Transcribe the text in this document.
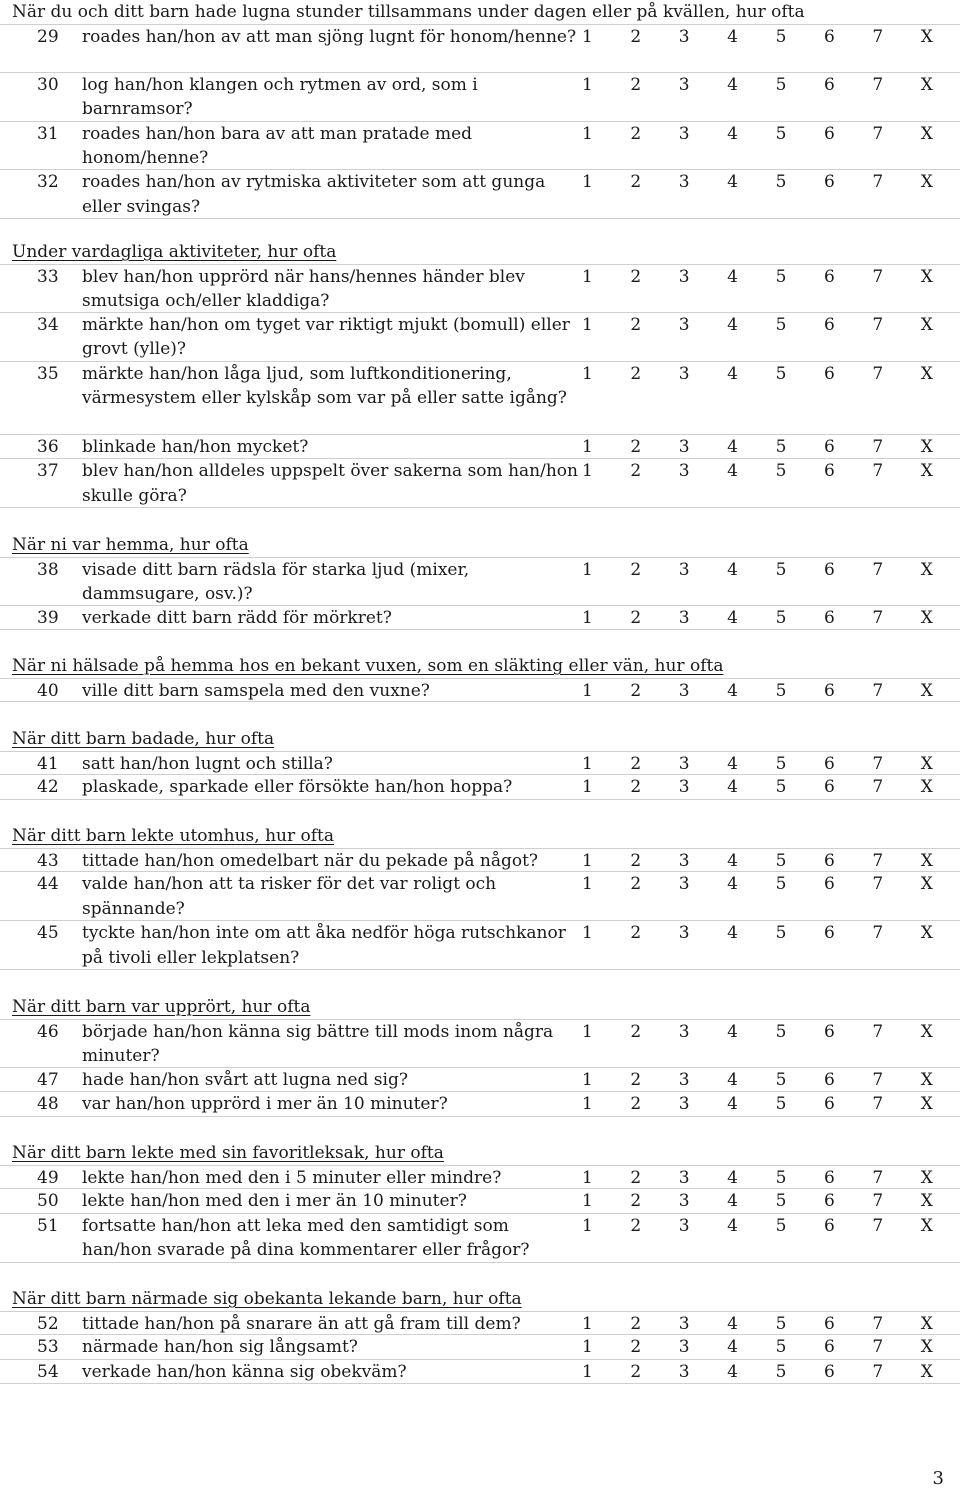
När du och ditt barn hade lugna stunder tillsammans under dagen eller på kvällen, hur ofta
29	roades han/hon av att man sjöng lugnt för honom/henne? 1	2	3	4	5	6	7	X
30	log han/hon klangen och rytmen av ord, som i barnramsor?
1	2	3	4	5	6	7	X
31	roades han/hon bara av att man pratade med honom/henne?
1	2	3	4	5	6	7	X
32	roades han/hon av rytmiska aktiviteter som att gunga eller svingas?
1	2	3	4	5	6	7	X
Under vardagliga aktiviteter, hur ofta
33	blev han/hon upprörd när hans/hennes händer blev smutsiga och/eller kladdiga?
1	2	3	4	5	6	7	X
34	märkte han/hon om tyget var riktigt mjukt (bomull) eller grovt (ylle)?
1	2	3	4	5	6	7	X
35	märkte han/hon låga ljud, som luftkonditionering, värmesystem eller kylskåp som var på eller satte igång?
1	2	3	4	5	6	7	X
36	blinkade han/hon mycket?	1	2	3	4	5	6	7	X
37	blev han/hon alldeles uppspelt över sakerna som han/hon skulle göra?
1	2	3	4	5	6	7	X
När ni var hemma, hur ofta
38	visade ditt barn rädsla för starka ljud (mixer, dammsugare, osv.)?
1	2	3	4	5	6	7	X
39	verkade ditt barn rädd för mörkret?	1	2	3	4	5	6	7	X
När ni hälsade på hemma hos en bekant vuxen, som en släkting eller vän, hur ofta
40	ville ditt barn samspela med den vuxne?	1	2	3	4	5	6	7	X
När ditt barn badade, hur ofta
41	satt han/hon lugnt och stilla?	1	2	3	4	5	6	7	X
42	plaskade, sparkade eller försökte han/hon hoppa?	1	2	3	4	5	6	7	X
När ditt barn lekte utomhus, hur ofta
43	tittade han/hon omedelbart när du pekade på något?	1	2	3	4	5	6	7	X
44	valde han/hon att ta risker för det var roligt och spännande?
1	2	3	4	5	6	7	X
45	tyckte han/hon inte om att åka nedför höga rutschkanor på tivoli eller lekplatsen?
1	2	3	4	5	6	7	X
När ditt barn var upprört, hur ofta
46	började han/hon känna sig bättre till mods inom några minuter?
1	2	3	4	5	6	7	X
47	hade han/hon svårt att lugna ned sig?	1	2	3	4	5	6	7	X
48	var han/hon upprörd i mer än 10 minuter?	1	2	3	4	5	6	7	X
När ditt barn lekte med sin favoritleksak, hur ofta
49	lekte han/hon med den i 5 minuter eller mindre?	1	2	3	4	5	6	7	X
50	lekte han/hon med den i mer än 10 minuter?	1	2	3	4	5	6	7	X
51	fortsatte han/hon att leka med den samtidigt som han/hon svarade på dina kommentarer eller frågor?
1	2	3	4	5	6	7	X
När ditt barn närmade sig obekanta lekande barn, hur ofta
52	tittade han/hon på snarare än att gå fram till dem?	1	2	3	4	5	6	7	X
53	närmade han/hon sig långsamt?	1	2	3	4	5	6	7	X
54	verkade han/hon känna sig obekväm?	1	2	3	4	5	6	7	X
3
